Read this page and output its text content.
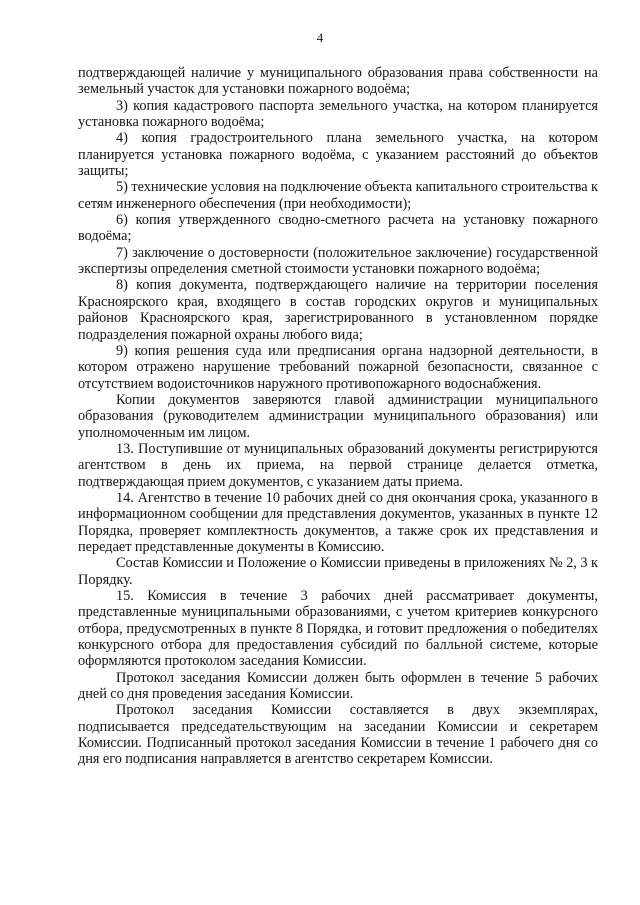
4

подтверждающей наличие у муниципального образования права собственности на земельный участок для установки пожарного водоёма;

3) копия кадастрового паспорта земельного участка, на котором планируется установка пожарного водоёма;

4) копия градостроительного плана земельного участка, на котором планируется установка пожарного водоёма, с указанием расстояний до объектов защиты;

5) технические условия на подключение объекта капитального строительства к сетям инженерного обеспечения (при необходимости);

6) копия утвержденного сводно-сметного расчета на установку пожарного водоёма;

7) заключение о достоверности (положительное заключение) государственной экспертизы определения сметной стоимости установки пожарного водоёма;

8) копия документа, подтверждающего наличие на территории поселения Красноярского края, входящего в состав городских округов и муниципальных районов Красноярского края, зарегистрированного в установленном порядке подразделения пожарной охраны любого вида;

9) копия решения суда или предписания органа надзорной деятельности, в котором отражено нарушение требований пожарной безопасности, связанное с отсутствием водоисточников наружного противопожарного водоснабжения.

Копии документов заверяются главой администрации муниципального образования (руководителем администрации муниципального образования) или уполномоченным им лицом.

13. Поступившие от муниципальных образований документы регистрируются агентством в день их приема, на первой странице делается отметка, подтверждающая прием документов, с указанием даты приема.

14. Агентство в течение 10 рабочих дней со дня окончания срока, указанного в информационном сообщении для представления документов, указанных в пункте 12 Порядка, проверяет комплектность документов, а также срок их представления и передает представленные документы в Комиссию.

Состав Комиссии и Положение о Комиссии приведены в приложениях № 2, 3 к Порядку.

15. Комиссия в течение 3 рабочих дней рассматривает документы, представленные муниципальными образованиями, с учетом критериев конкурсного отбора, предусмотренных в пункте 8 Порядка, и готовит предложения о победителях конкурсного отбора для предоставления субсидий по балльной системе, которые оформляются протоколом заседания Комиссии.

Протокол заседания Комиссии должен быть оформлен в течение 5 рабочих дней со дня проведения заседания Комиссии.

Протокол заседания Комиссии составляется в двух экземплярах, подписывается председательствующим на заседании Комиссии и секретарем Комиссии. Подписанный протокол заседания Комиссии в течение 1 рабочего дня со дня его подписания направляется в агентство секретарем Комиссии.
